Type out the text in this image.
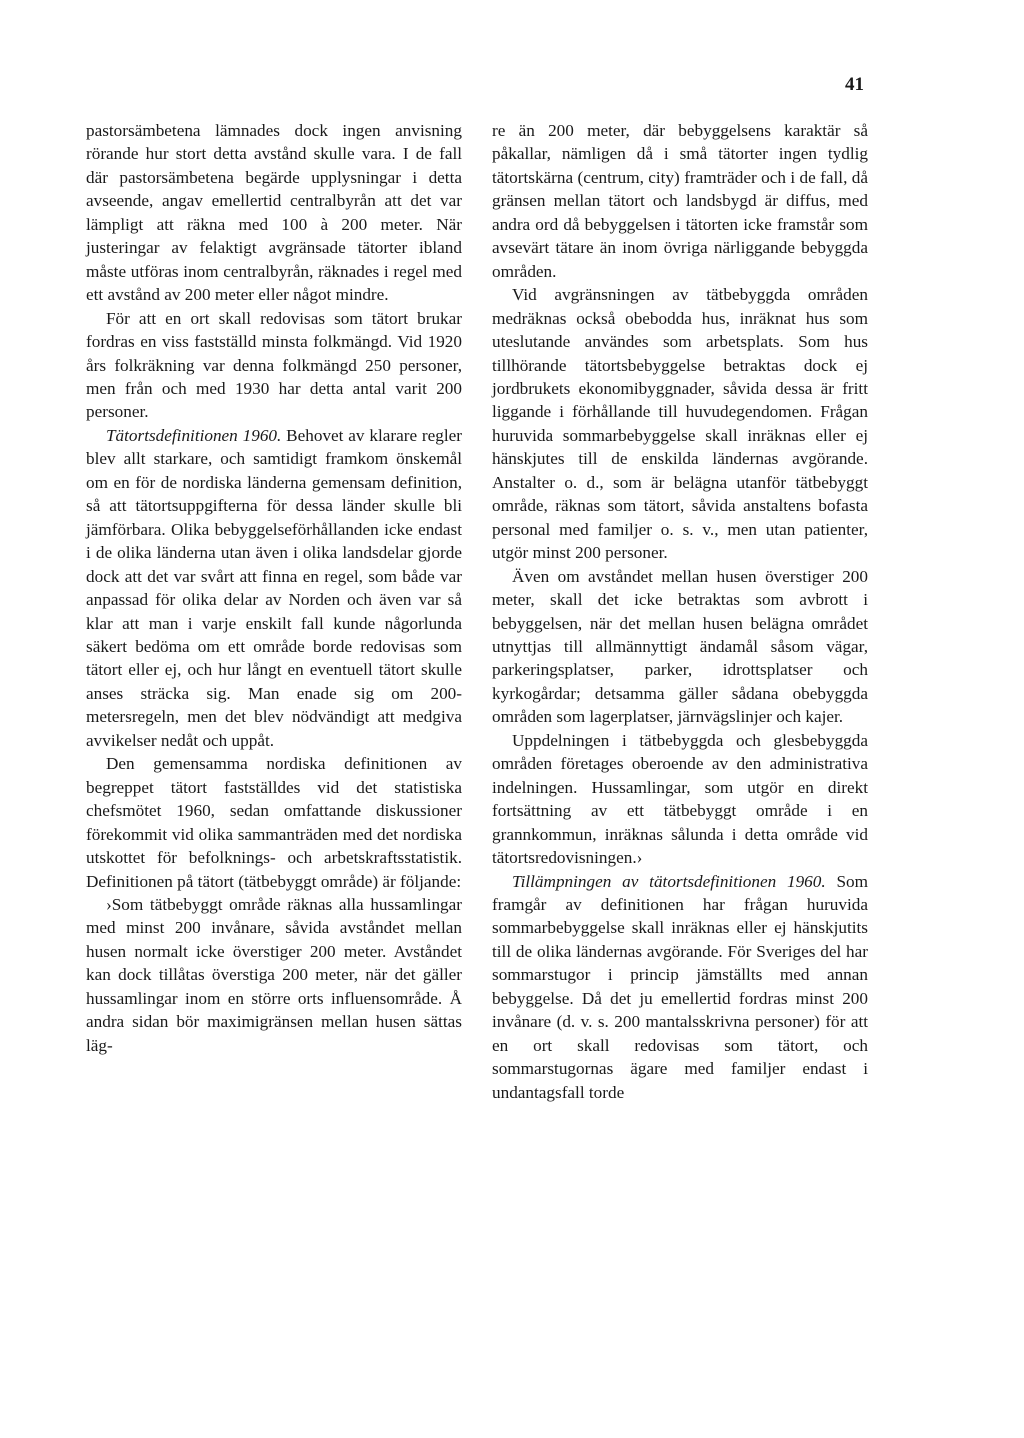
41

pastorsämbetena lämnades dock ingen anvisning rörande hur stort detta avstånd skulle vara. I de fall där pastorsämbetena begärde upplysningar i detta avseende, angav emellertid centralbyrån att det var lämpligt att räkna med 100 à 200 meter. När justeringar av felaktigt avgränsade tätorter ibland måste utföras inom centralbyrån, räknades i regel med ett avstånd av 200 meter eller något mindre.

För att en ort skall redovisas som tätort brukar fordras en viss fastställd minsta folkmängd. Vid 1920 års folkräkning var denna folkmängd 250 personer, men från och med 1930 har detta antal varit 200 personer.

Tätortsdefinitionen 1960. Behovet av klarare regler blev allt starkare, och samtidigt framkom önskemål om en för de nordiska länderna gemensam definition, så att tätortsuppgifterna för dessa länder skulle bli jämförbara. Olika bebyggelseförhållanden icke endast i de olika länderna utan även i olika landsdelar gjorde dock att det var svårt att finna en regel, som både var anpassad för olika delar av Norden och även var så klar att man i varje enskilt fall kunde någorlunda säkert bedöma om ett område borde redovisas som tätort eller ej, och hur långt en eventuell tätort skulle anses sträcka sig. Man enade sig om 200-metersregeln, men det blev nödvändigt att medgiva avvikelser nedåt och uppåt.

Den gemensamma nordiska definitionen av begreppet tätort fastställdes vid det statistiska chefsmötet 1960, sedan omfattande diskussioner förekommit vid olika sammanträden med det nordiska utskottet för befolknings- och arbetskraftsstatistik. Definitionen på tätort (tätbebyggt område) är följande:

›Som tätbebyggt område räknas alla hussamlingar med minst 200 invånare, såvida avståndet mellan husen normalt icke överstiger 200 meter. Avståndet kan dock tillåtas överstiga 200 meter, när det gäller hussamlingar inom en större orts influensområde. Å andra sidan bör maximigränsen mellan husen sättas läg-

re än 200 meter, där bebyggelsens karaktär så påkallar, nämligen då i små tätorter ingen tydlig tätortskärna (centrum, city) framträder och i de fall, då gränsen mellan tätort och landsbygd är diffus, med andra ord då bebyggelsen i tätorten icke framstår som avsevärt tätare än inom övriga närliggande bebyggda områden.

Vid avgränsningen av tätbebyggda områden medräknas också obebodda hus, inräknat hus som uteslutande användes som arbetsplats. Som hus tillhörande tätortsbebyggelse betraktas dock ej jordbrukets ekonomibyggnader, såvida dessa är fritt liggande i förhållande till huvudegendomen. Frågan huruvida sommarbebyggelse skall inräknas eller ej hänskjutes till de enskilda ländernas avgörande. Anstalter o. d., som är belägna utanför tätbebyggt område, räknas som tätort, såvida anstaltens bofasta personal med familjer o. s. v., men utan patienter, utgör minst 200 personer.

Även om avståndet mellan husen överstiger 200 meter, skall det icke betraktas som avbrott i bebyggelsen, när det mellan husen belägna området utnyttjas till allmännyttigt ändamål såsom vägar, parkeringsplatser, parker, idrottsplatser och kyrkogårdar; detsamma gäller sådana obebyggda områden som lagerplatser, järnvägslinjer och kajer.

Uppdelningen i tätbebyggda och glesbebyggda områden företages oberoende av den administrativa indelningen. Hussamlingar, som utgör en direkt fortsättning av ett tätbebyggt område i en grannkommun, inräknas sålunda i detta område vid tätortsredovisningen.›

Tillämpningen av tätortsdefinitionen 1960. Som framgår av definitionen har frågan huruvida sommarbebyggelse skall inräknas eller ej hänskjutits till de olika ländernas avgörande. För Sveriges del har sommarstugor i princip jämställts med annan bebyggelse. Då det ju emellertid fordras minst 200 invånare (d. v. s. 200 mantalsskrivna personer) för att en ort skall redovisas som tätort, och sommarstugornas ägare med familjer endast i undantagsfall torde
